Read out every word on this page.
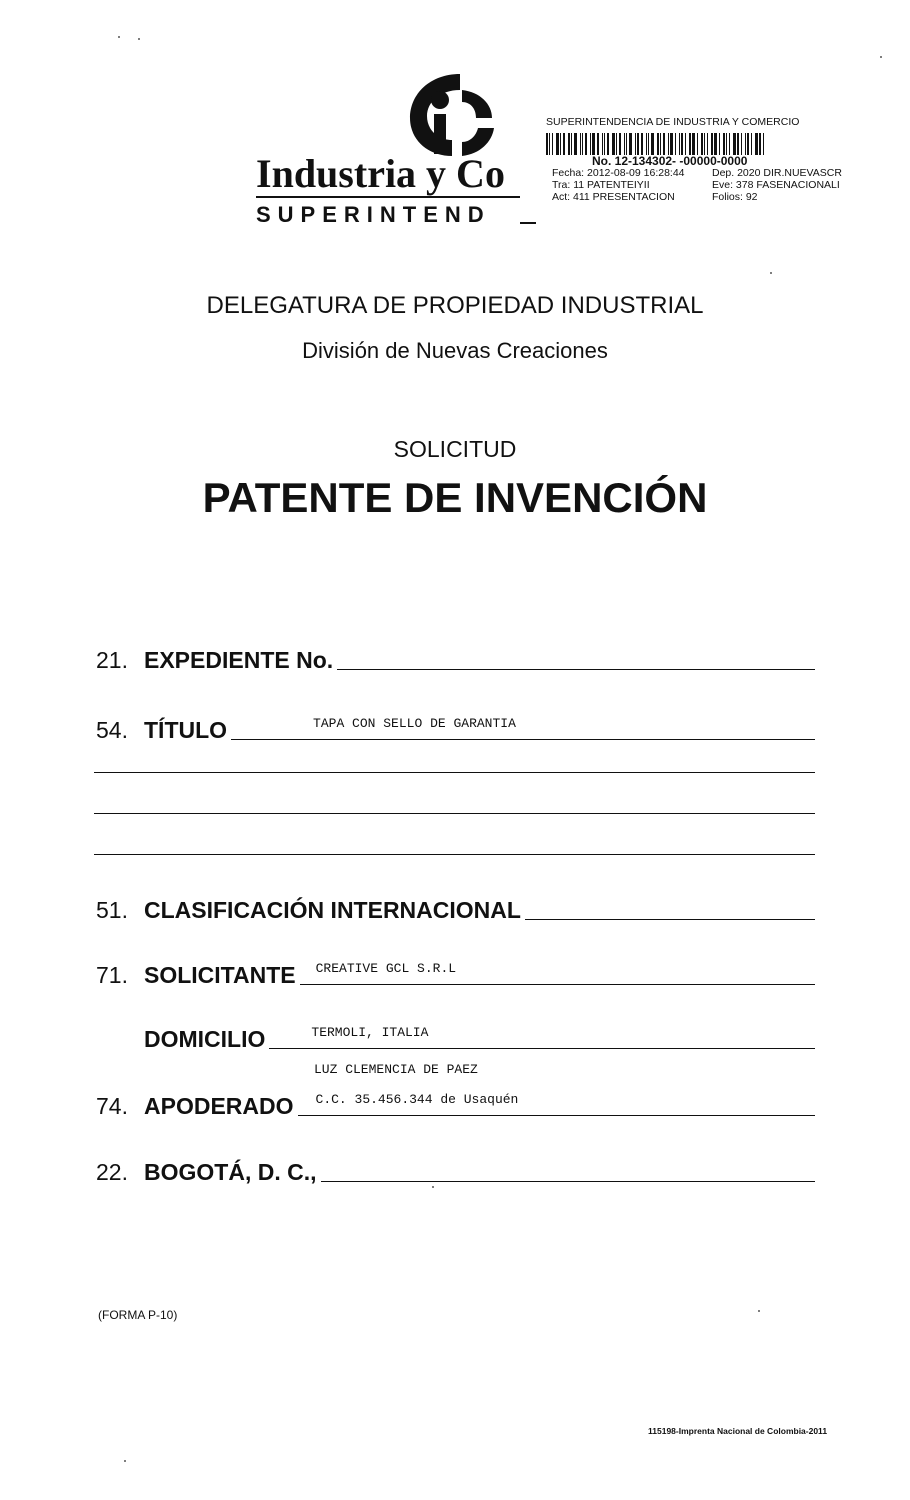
Industria y Co
SUPERINTEND
SUPERINTENDENCIA DE INDUSTRIA Y COMERCIO
No. 12-134302- -00000-0000
Fecha: 2012-08-09 16:28:44	Dep. 2020 DIR.NUEVASCR
Tra: 11 PATENTEIYII	Eve: 378 FASENACIONALI
Act: 411 PRESENTACION	Folios: 92
DELEGATURA DE PROPIEDAD INDUSTRIAL
División de Nuevas Creaciones
SOLICITUD
PATENTE DE INVENCIÓN
21. EXPEDIENTE No.
54. TÍTULO	TAPA CON SELLO DE GARANTIA
51. CLASIFICACIÓN INTERNACIONAL
71. SOLICITANTE CREATIVE GCL S.R.L
DOMICILIO	TERMOLI, ITALIA
LUZ CLEMENCIA DE PAEZ
74. APODERADO C.C. 35.456.344 de Usaquén
22. BOGOTÁ, D. C.,
(FORMA P-10)
115198-Imprenta Nacional de Colombia-2011
